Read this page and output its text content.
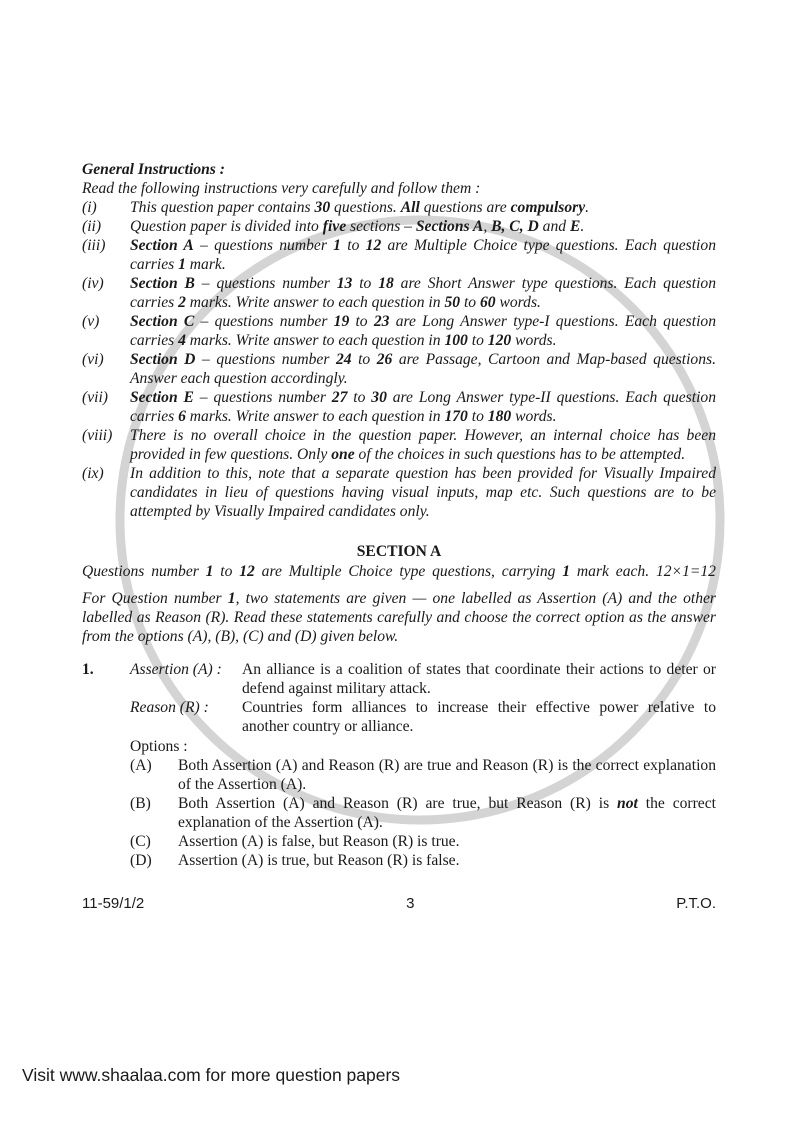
General Instructions :
Read the following instructions very carefully and follow them :
(i)	This question paper contains 30 questions. All questions are compulsory.
(ii)	Question paper is divided into five sections – Sections A, B, C, D and E.
(iii)	Section A – questions number 1 to 12 are Multiple Choice type questions. Each question carries 1 mark.
(iv)	Section B – questions number 13 to 18 are Short Answer type questions. Each question carries 2 marks. Write answer to each question in 50 to 60 words.
(v)	Section C – questions number 19 to 23 are Long Answer type-I questions. Each question carries 4 marks. Write answer to each question in 100 to 120 words.
(vi)	Section D – questions number 24 to 26 are Passage, Cartoon and Map-based questions. Answer each question accordingly.
(vii)	Section E – questions number 27 to 30 are Long Answer type-II questions. Each question carries 6 marks. Write answer to each question in 170 to 180 words.
(viii)	There is no overall choice in the question paper. However, an internal choice has been provided in few questions. Only one of the choices in such questions has to be attempted.
(ix)	In addition to this, note that a separate question has been provided for Visually Impaired candidates in lieu of questions having visual inputs, map etc. Such questions are to be attempted by Visually Impaired candidates only.
SECTION A
Questions number 1 to 12 are Multiple Choice type questions, carrying 1 mark each. 12×1=12
For Question number 1, two statements are given — one labelled as Assertion (A) and the other labelled as Reason (R). Read these statements carefully and choose the correct option as the answer from the options (A), (B), (C) and (D) given below.
1.	Assertion (A) :	An alliance is a coalition of states that coordinate their actions to deter or defend against military attack.
Reason (R) :	Countries form alliances to increase their effective power relative to another country or alliance.
Options :
(A)	Both Assertion (A) and Reason (R) are true and Reason (R) is the correct explanation of the Assertion (A).
(B)	Both Assertion (A) and Reason (R) are true, but Reason (R) is not the correct explanation of the Assertion (A).
(C)	Assertion (A) is false, but Reason (R) is true.
(D)	Assertion (A) is true, but Reason (R) is false.
11-59/1/2	3	P.T.O.
Visit www.shaalaa.com for more question papers
